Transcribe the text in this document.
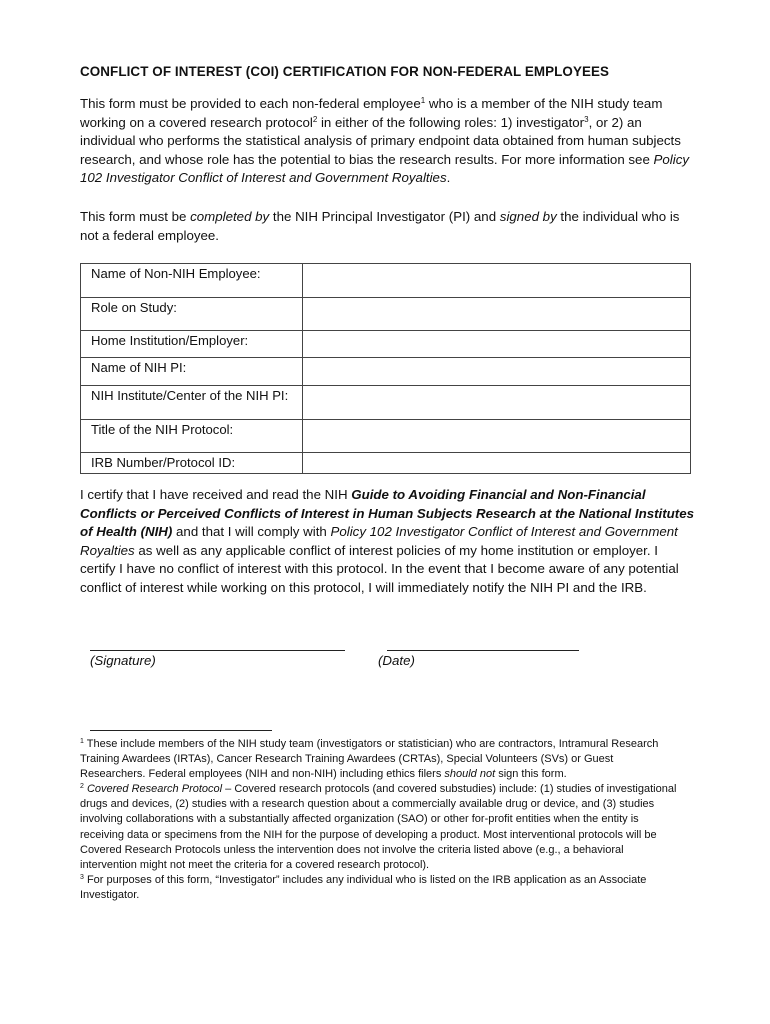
CONFLICT OF INTEREST (COI) CERTIFICATION FOR NON-FEDERAL EMPLOYEES
This form must be provided to each non-federal employee$^1$ who is a member of the NIH study team working on a covered research protocol$^2$ in either of the following roles: 1) investigator$^3$, or 2) an individual who performs the statistical analysis of primary endpoint data obtained from human subjects research, and whose role has the potential to bias the research results. For more information see Policy 102 Investigator Conflict of Interest and Government Royalties.
This form must be completed by the NIH Principal Investigator (PI) and signed by the individual who is not a federal employee.
Name of Non-NIH Employee:	
Role on Study:	
Home Institution/Employer:	
Name of NIH PI:	
NIH Institute/Center of the NIH PI:	
Title of the NIH Protocol:	
IRB Number/Protocol ID:	
I certify that I have received and read the NIH Guide to Avoiding Financial and Non-Financial Conflicts or Perceived Conflicts of Interest in Human Subjects Research at the National Institutes of Health (NIH) and that I will comply with Policy 102 Investigator Conflict of Interest and Government Royalties as well as any applicable conflict of interest policies of my home institution or employer. I certify I have no conflict of interest with this protocol. In the event that I become aware of any potential conflict of interest while working on this protocol, I will immediately notify the NIH PI and the IRB.
(Signature)	(Date)

$^1$ These include members of the NIH study team (investigators or statistician) who are contractors, Intramural Research Training Awardees (IRTAs), Cancer Research Training Awardees (CRTAs), Special Volunteers (SVs) or Guest Researchers. Federal employees (NIH and non-NIH) including ethics filers should not sign this form.

$^2$ Covered Research Protocol – Covered research protocols (and covered substudies) include: (1) studies of investigational drugs and devices, (2) studies with a research question about a commercially available drug or device, and (3) studies involving collaborations with a substantially affected organization (SAO) or other for-profit entities when the entity is receiving data or specimens from the NIH for the purpose of developing a product. Most interventional protocols will be Covered Research Protocols unless the intervention does not involve the criteria listed above (e.g., a behavioral intervention might not meet the criteria for a covered research protocol).

$^3$ For purposes of this form, “Investigator” includes any individual who is listed on the IRB application as an Associate Investigator.
